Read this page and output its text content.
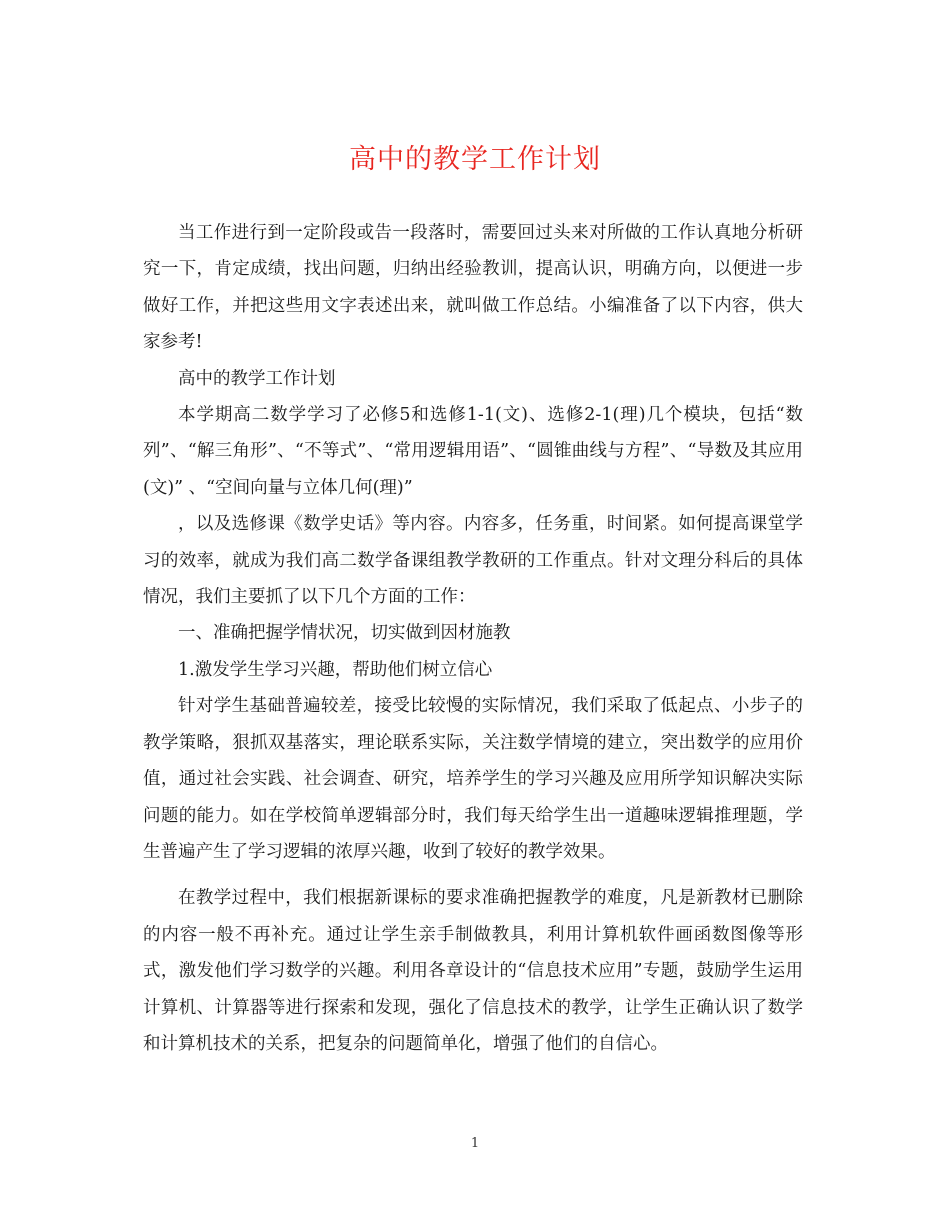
高中的教学工作计划

当工作进行到一定阶段或告一段落时，需要回过头来对所做的工作认真地分析研究一下，肯定成绩，找出问题，归纳出经验教训，提高认识，明确方向，以便进一步做好工作，并把这些用文字表述出来，就叫做工作总结。小编准备了以下内容，供大家参考!

高中的教学工作计划

本学期高二数学学习了必修5和选修1-1(文)、选修2-1(理)几个模块，包括“数列”、“解三角形”、“不等式”、“常用逻辑用语”、“圆锥曲线与方程”、“导数及其应用(文)” 、“空间向量与立体几何(理)”

，以及选修课《数学史话》等内容。内容多，任务重，时间紧。如何提高课堂学习的效率，就成为我们高二数学备课组教学教研的工作重点。针对文理分科后的具体情况，我们主要抓了以下几个方面的工作：

一、准确把握学情状况，切实做到因材施教

1.激发学生学习兴趣，帮助他们树立信心

针对学生基础普遍较差，接受比较慢的实际情况，我们采取了低起点、小步子的教学策略，狠抓双基落实，理论联系实际，关注数学情境的建立，突出数学的应用价值，通过社会实践、社会调查、研究，培养学生的学习兴趣及应用所学知识解决实际问题的能力。如在学校简单逻辑部分时，我们每天给学生出一道趣味逻辑推理题，学生普遍产生了学习逻辑的浓厚兴趣，收到了较好的教学效果。

在教学过程中，我们根据新课标的要求准确把握教学的难度，凡是新教材已删除的内容一般不再补充。通过让学生亲手制做教具，利用计算机软件画函数图像等形式，激发他们学习数学的兴趣。利用各章设计的“信息技术应用”专题，鼓励学生运用计算机、计算器等进行探索和发现，强化了信息技术的教学，让学生正确认识了数学和计算机技术的关系，把复杂的问题简单化，增强了他们的自信心。

1
